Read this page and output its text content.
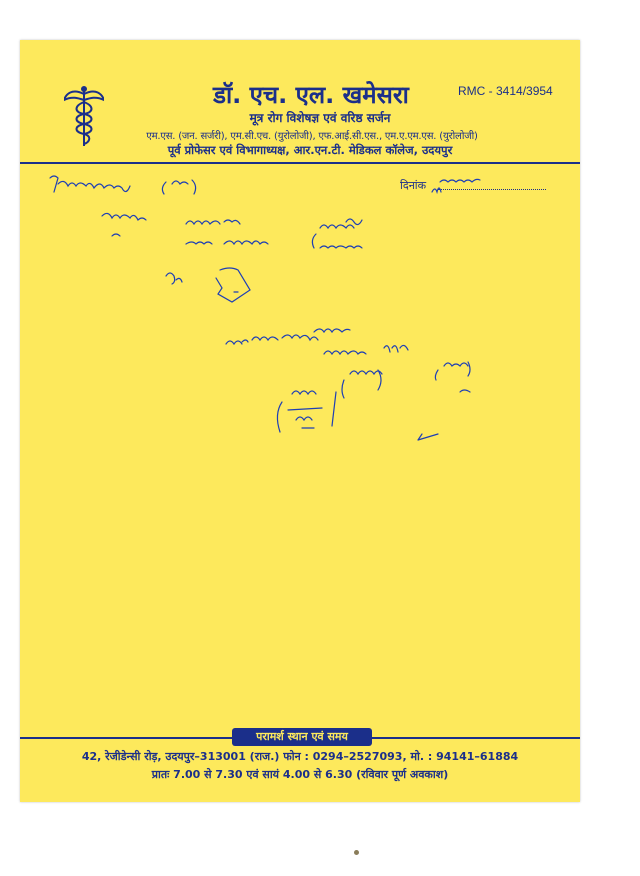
डॉ. एच. एल. खमेसरा	RMC - 3414/3954
मूत्र रोग विशेषज्ञ एवं वरिष्ठ सर्जन
एम.एस. (जन. सर्जरी), एम.सी.एच. (युरोलोजी), एफ.आई.सी.एस., एम.ए.एम.एस. (युरोलोजी)
पूर्व प्रोफेसर एवं विभागाध्यक्ष, आर.एन.टी. मेडिकल कॉलेज, उदयपुर
दिनांक
परामर्श स्थान एवं समय
42, रेजीडेन्सी रोड़, उदयपुर–313001 (राज.) फोन : 0294–2527093, मो. : 94141–61884
प्रातः 7.00 से 7.30 एवं सायं 4.00 से 6.30 (रविवार पूर्ण अवकाश)
